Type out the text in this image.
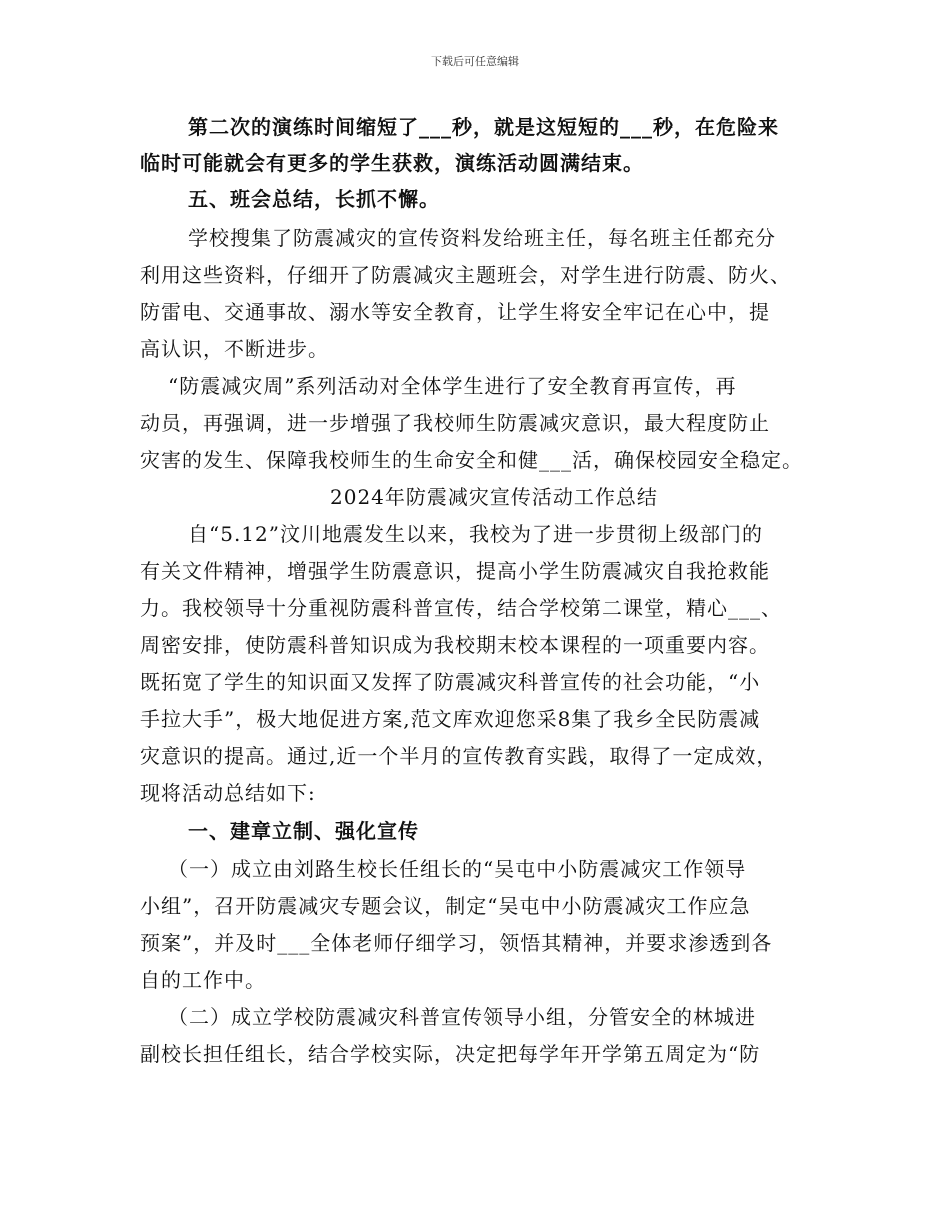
下载后可任意编辑
第二次的演练时间缩短了___秒，就是这短短的___秒，在危险来
临时可能就会有更多的学生获救，演练活动圆满结束。
五、班会总结，长抓不懈。
学校搜集了防震减灾的宣传资料发给班主任，每名班主任都充分
利用这些资料，仔细开了防震减灾主题班会，对学生进行防震、防火、
防雷电、交通事故、溺水等安全教育，让学生将安全牢记在心中，提
高认识，不断进步。
“防震减灾周”系列活动对全体学生进行了安全教育再宣传，再
动员，再强调，进一步增强了我校师生防震减灾意识，最大程度防止
灾害的发生、保障我校师生的生命安全和健___活，确保校园安全稳定。
2024年防震减灾宣传活动工作总结
自“5.12”汶川地震发生以来，我校为了进一步贯彻上级部门的
有关文件精神，增强学生防震意识，提高小学生防震减灾自我抢救能
力。我校领导十分重视防震科普宣传，结合学校第二课堂，精心___、
周密安排，使防震科普知识成为我校期末校本课程的一项重要内容。
既拓宽了学生的知识面又发挥了防震减灾科普宣传的社会功能，“小
手拉大手”，极大地促进方案,范文库欢迎您采8集了我乡全民防震减
灾意识的提高。通过,近一个半月的宣传教育实践，取得了一定成效，
现将活动总结如下:
一、建章立制、强化宣传
（一）成立由刘路生校长任组长的“吴屯中小防震减灾工作领导
小组”，召开防震减灾专题会议，制定“吴屯中小防震减灾工作应急
预案”，并及时___全体老师仔细学习，领悟其精神，并要求渗透到各
自的工作中。
（二）成立学校防震减灾科普宣传领导小组，分管安全的林城进
副校长担任组长，结合学校实际，决定把每学年开学第五周定为“防
